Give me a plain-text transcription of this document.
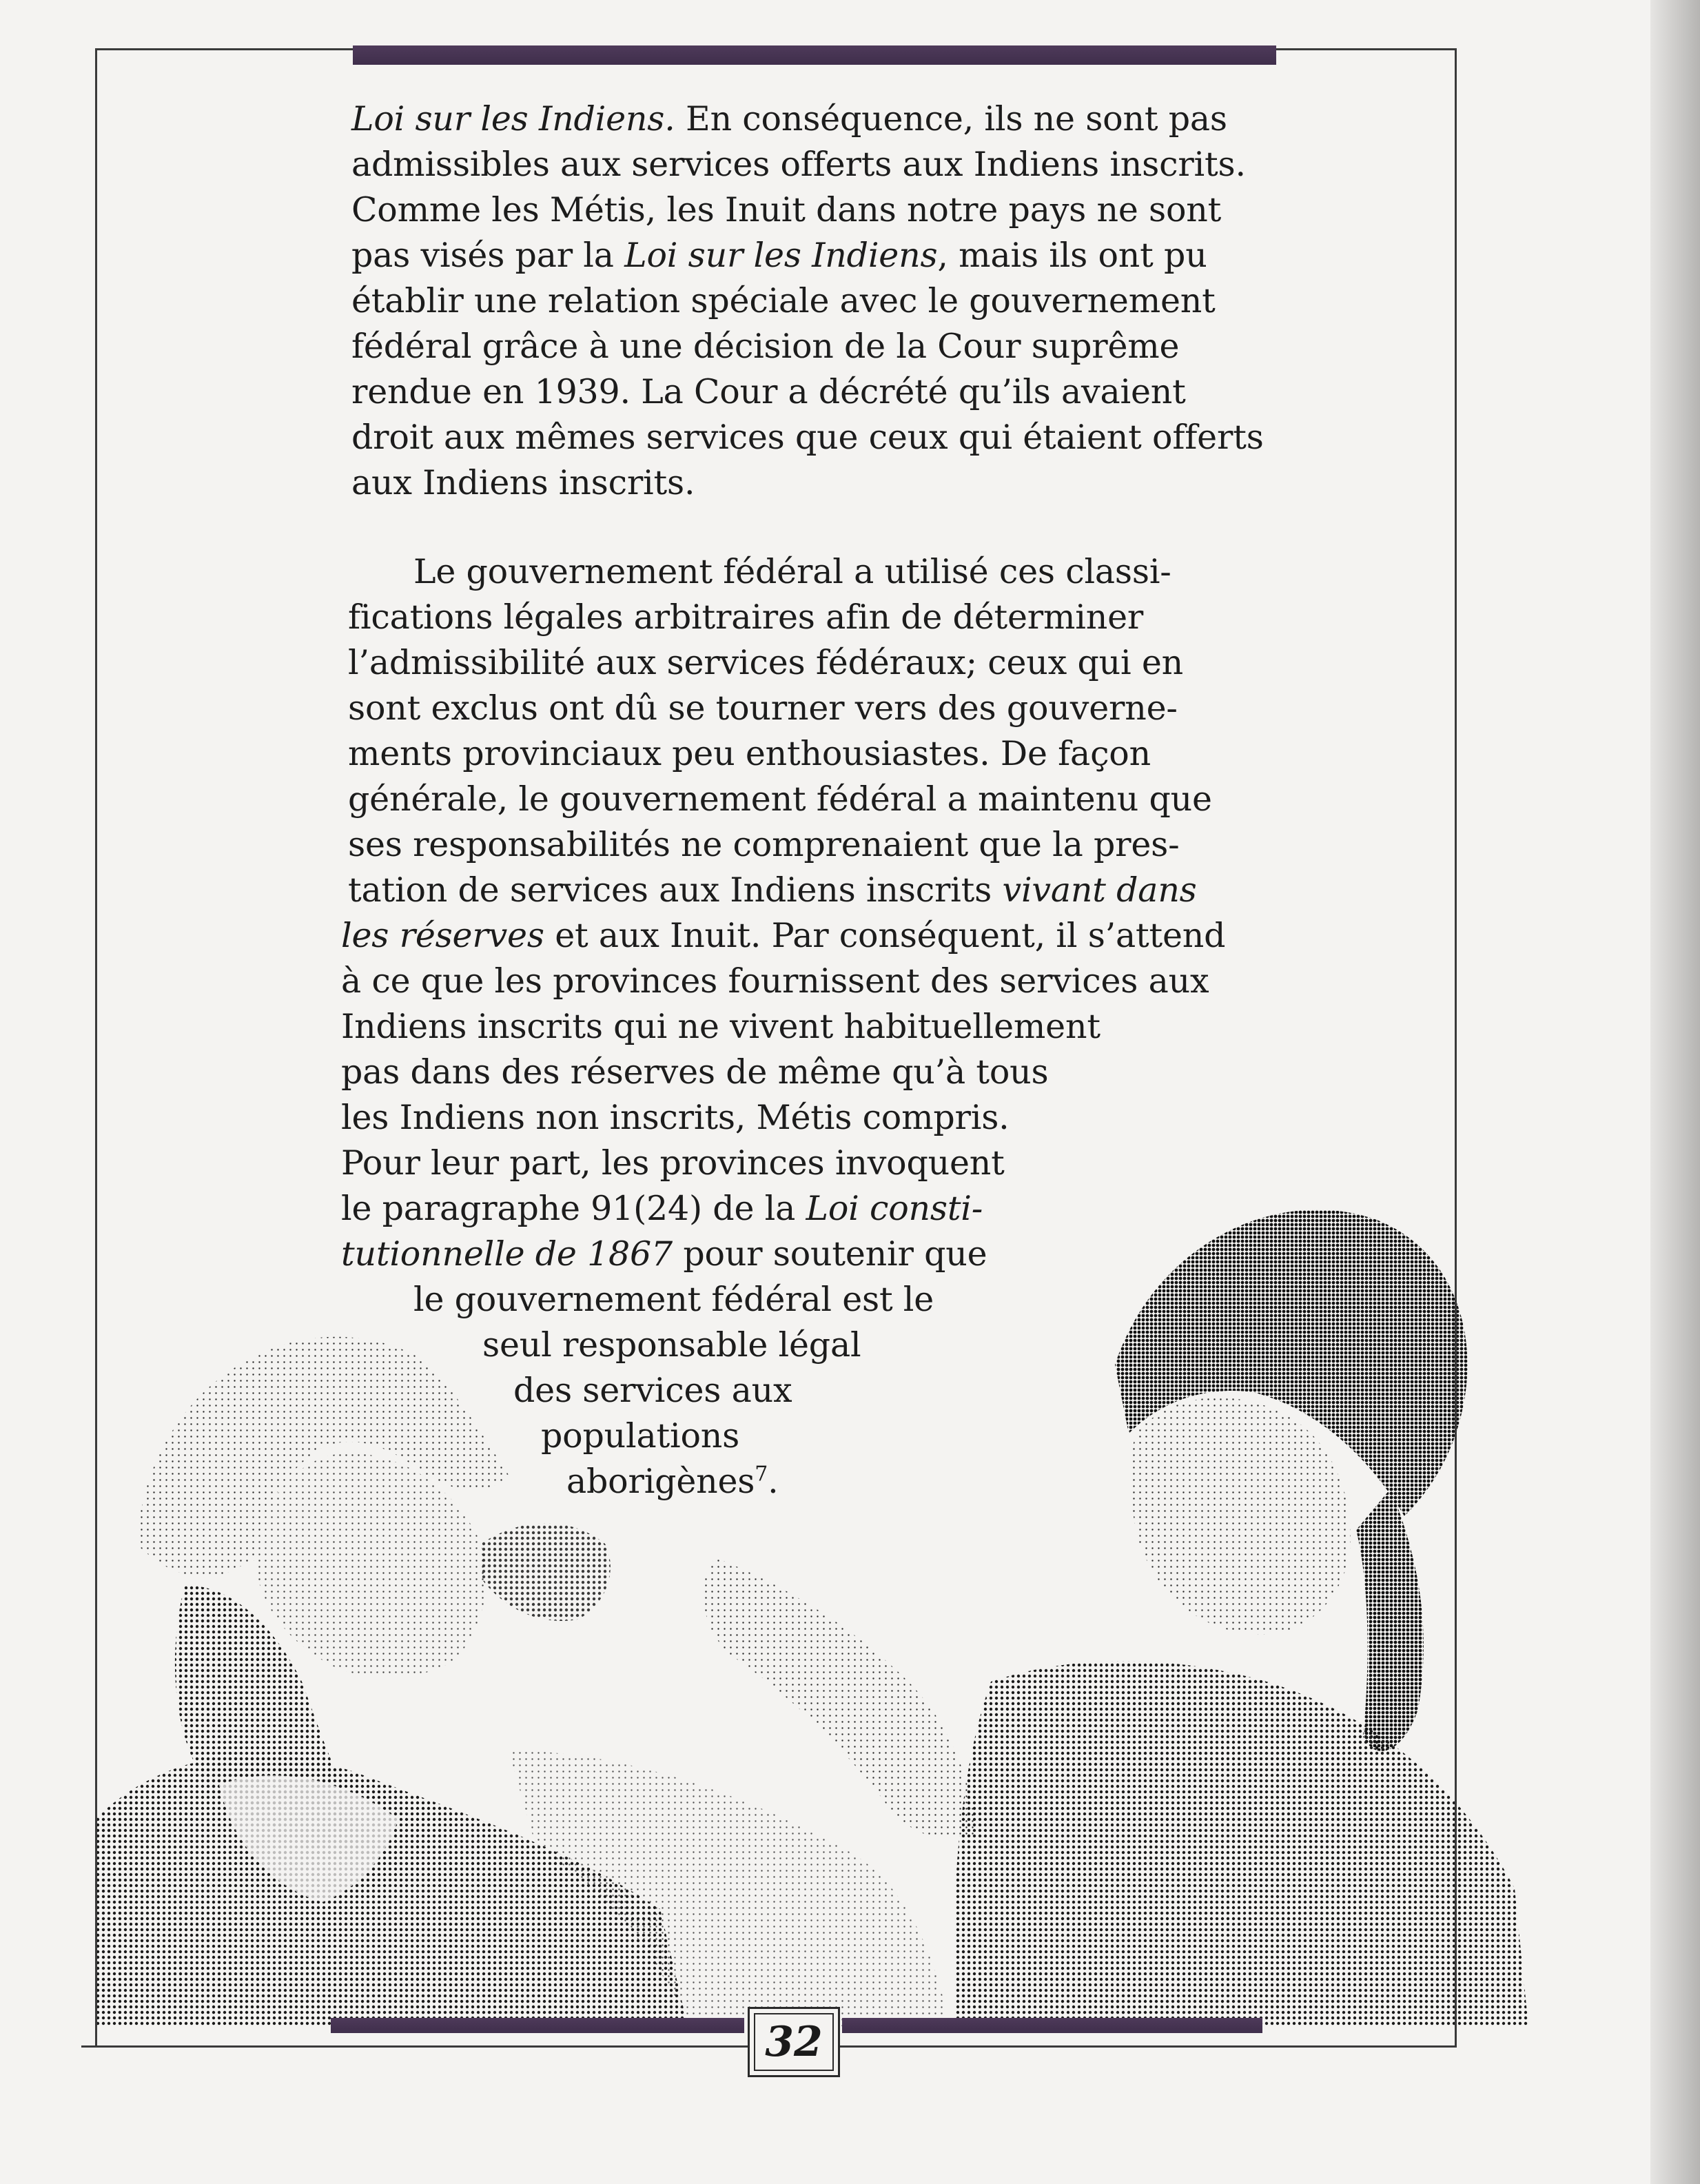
Loi sur les Indiens. En conséquence, ils ne sont pas
admissibles aux services offerts aux Indiens inscrits.
Comme les Métis, les Inuit dans notre pays ne sont
pas visés par la Loi sur les Indiens, mais ils ont pu
établir une relation spéciale avec le gouvernement
fédéral grâce à une décision de la Cour suprême
rendue en 1939. La Cour a décrété qu’ils avaient
droit aux mêmes services que ceux qui étaient offerts
aux Indiens inscrits.
Le gouvernement fédéral a utilisé ces classi-
fications légales arbitraires afin de déterminer
l’admissibilité aux services fédéraux; ceux qui en
sont exclus ont dû se tourner vers des gouverne-
ments provinciaux peu enthousiastes. De façon
générale, le gouvernement fédéral a maintenu que
ses responsabilités ne comprenaient que la pres-
tation de services aux Indiens inscrits vivant dans
les réserves et aux Inuit. Par conséquent, il s’attend
à ce que les provinces fournissent des services aux
Indiens inscrits qui ne vivent habituellement
pas dans des réserves de même qu’à tous
les Indiens non inscrits, Métis compris.
Pour leur part, les provinces invoquent
le paragraphe 91(24) de la Loi consti-
tutionnelle de 1867 pour soutenir que
le gouvernement fédéral est le
seul responsable légal
des services aux
populations
aborigènes$^7$.
32
